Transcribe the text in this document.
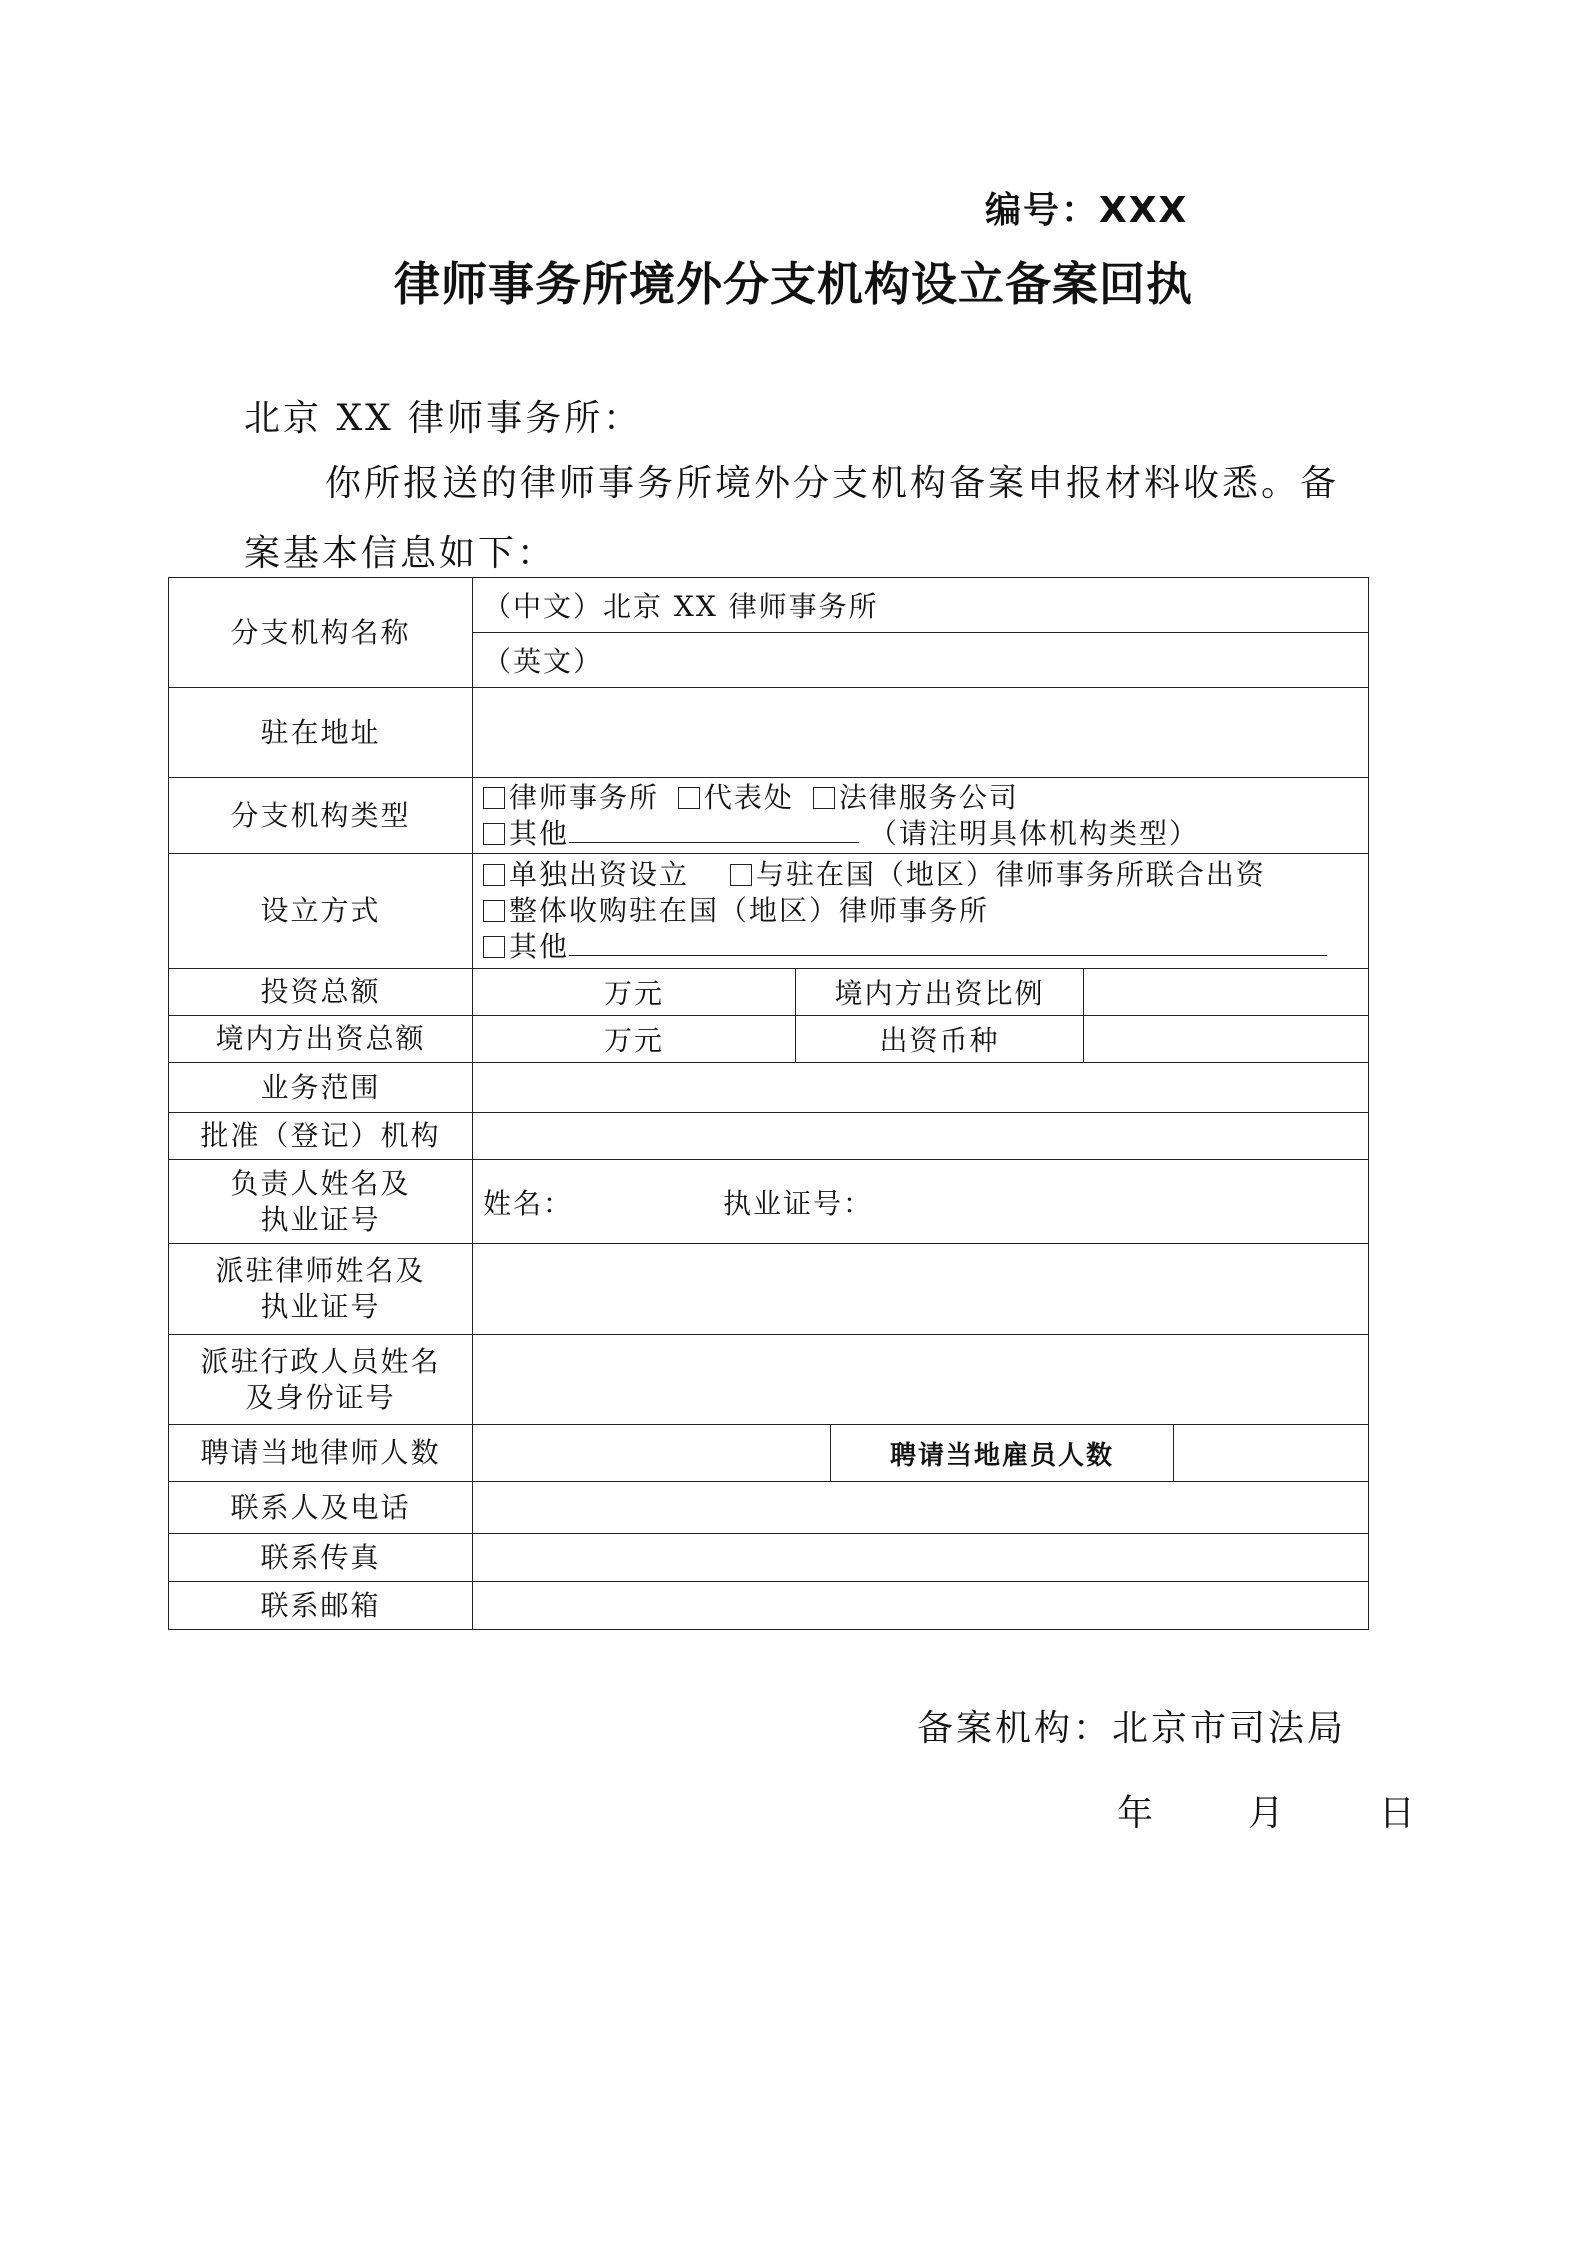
编号：XXX
律师事务所境外分支机构设立备案回执
北京 XX 律师事务所：
你所报送的律师事务所境外分支机构备案申报材料收悉。备
案基本信息如下：
分支机构名称	（中文）北京 XX 律师事务所				
	（英文）				
驻在地址					
分支机构类型	律师事务所 代表处 法律服务公司
其他 （请注明具体机构类型）				

设立方式	单独出资设立 与驻在国（地区）律师事务所联合出资
整体收购驻在国（地区）律师事务所
其他				

投资总额	万元	境内方出资比例			
境内方出资总额	万元	出资币种			
业务范围					
批准（登记）机构					

负责人姓名及
执业证号	姓名： 执业证号：				

派驻律师姓名及
执业证号					

派驻行政人员姓名
及身份证号					

聘请当地律师人数			聘请当地雇员人数		
联系人及电话					
联系传真					
联系邮箱					
备案机构：北京市司法局
年	月	日
